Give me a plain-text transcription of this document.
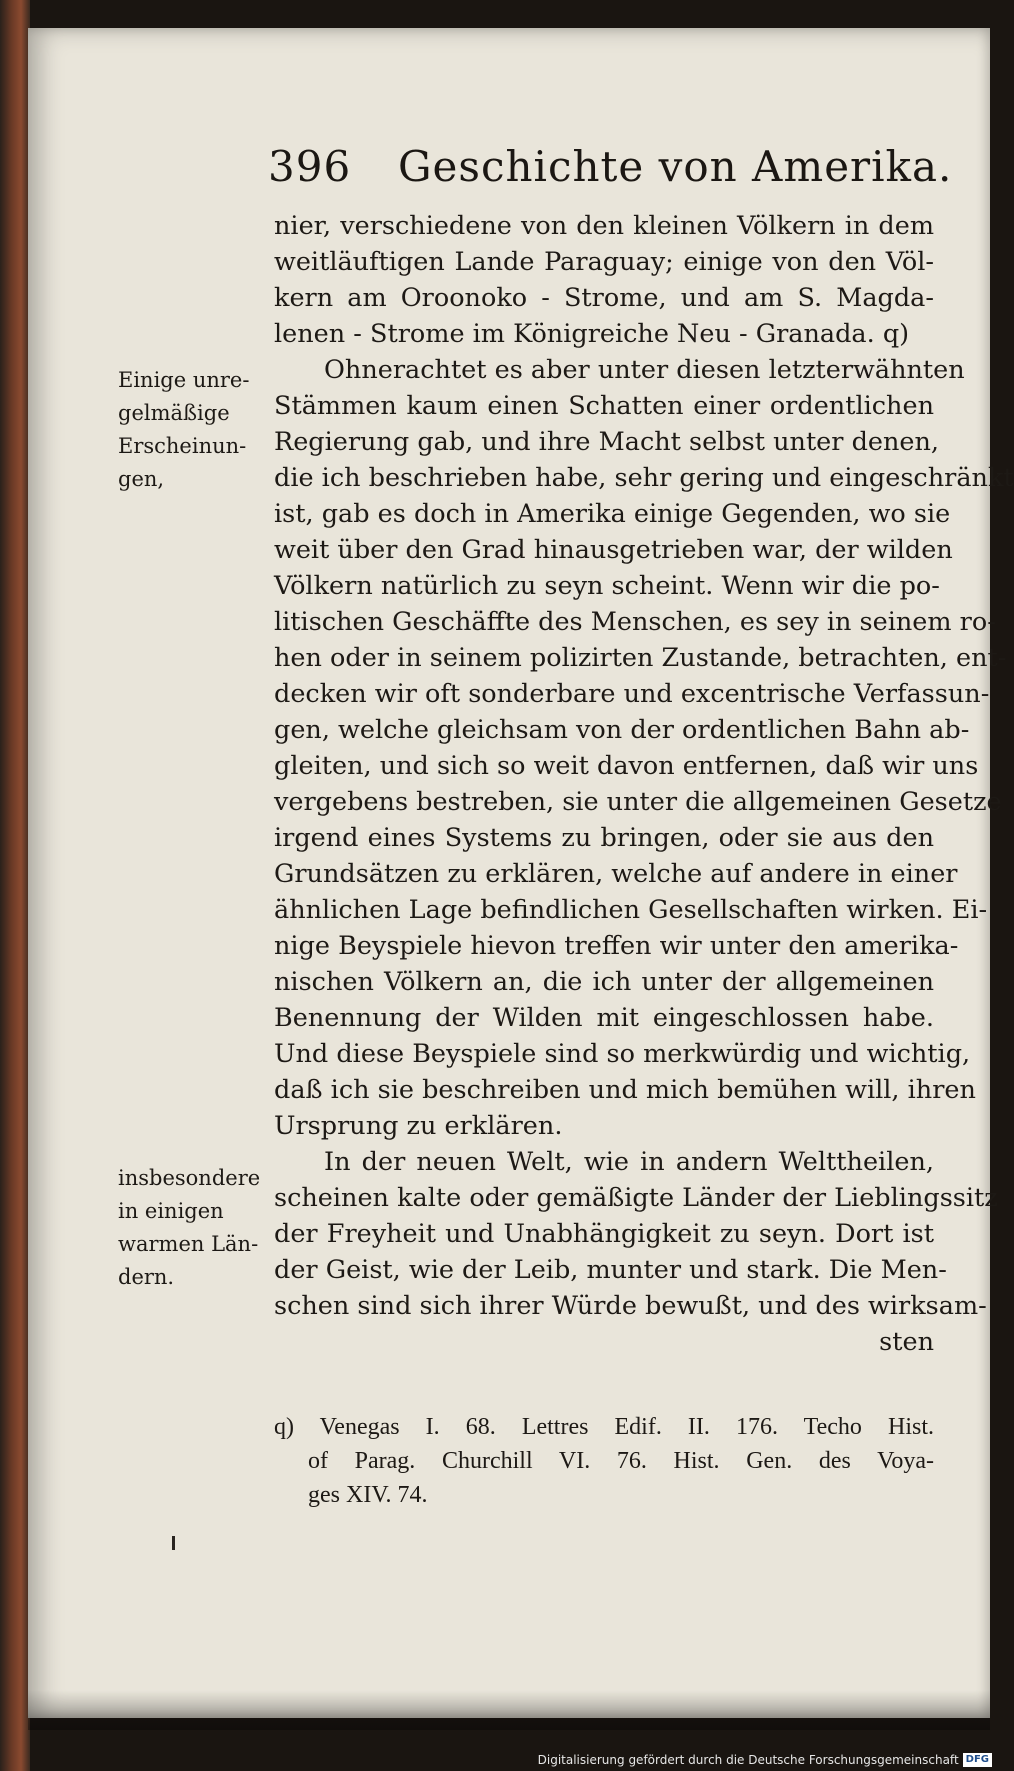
396 Geschichte von Amerika.
nier, verschiedene von den kleinen Völkern in dem
weitläuftigen Lande Paraguay; einige von den Völ-
kern am Oroonoko - Strome, und am S. Magda-
lenen - Strome im Königreiche Neu - Granada. q)
Ohnerachtet es aber unter diesen letzterwähnten
Stämmen kaum einen Schatten einer ordentlichen
Regierung gab, und ihre Macht selbst unter denen,
die ich beschrieben habe, sehr gering und eingeschränkt
ist, gab es doch in Amerika einige Gegenden, wo sie
weit über den Grad hinausgetrieben war, der wilden
Völkern natürlich zu seyn scheint. Wenn wir die po-
litischen Geschäffte des Menschen, es sey in seinem ro-
hen oder in seinem polizirten Zustande, betrachten, ent-
decken wir oft sonderbare und excentrische Verfassun-
gen, welche gleichsam von der ordentlichen Bahn ab-
gleiten, und sich so weit davon entfernen, daß wir uns
vergebens bestreben, sie unter die allgemeinen Gesetze
irgend eines Systems zu bringen, oder sie aus den
Grundsätzen zu erklären, welche auf andere in einer
ähnlichen Lage befindlichen Gesellschaften wirken. Ei-
nige Beyspiele hievon treffen wir unter den amerika-
nischen Völkern an, die ich unter der allgemeinen
Benennung der Wilden mit eingeschlossen habe.
Und diese Beyspiele sind so merkwürdig und wichtig,
daß ich sie beschreiben und mich bemühen will, ihren
Ursprung zu erklären.
In der neuen Welt, wie in andern Welttheilen,
scheinen kalte oder gemäßigte Länder der Lieblingssitz
der Freyheit und Unabhängigkeit zu seyn. Dort ist
der Geist, wie der Leib, munter und stark. Die Men-
schen sind sich ihrer Würde bewußt, und des wirksam-
sten
Einige unre-
gelmäßige
Erscheinun-
gen,
insbesondere
in einigen
warmen Län-
dern.
q) Venegas I. 68. Lettres Edif. II. 176. Techo Hist.
of Parag. Churchill VI. 76. Hist. Gen. des Voya-
ges XIV. 74.
Digitalisierung gefördert durch die Deutsche Forschungsgemeinschaft DFG
